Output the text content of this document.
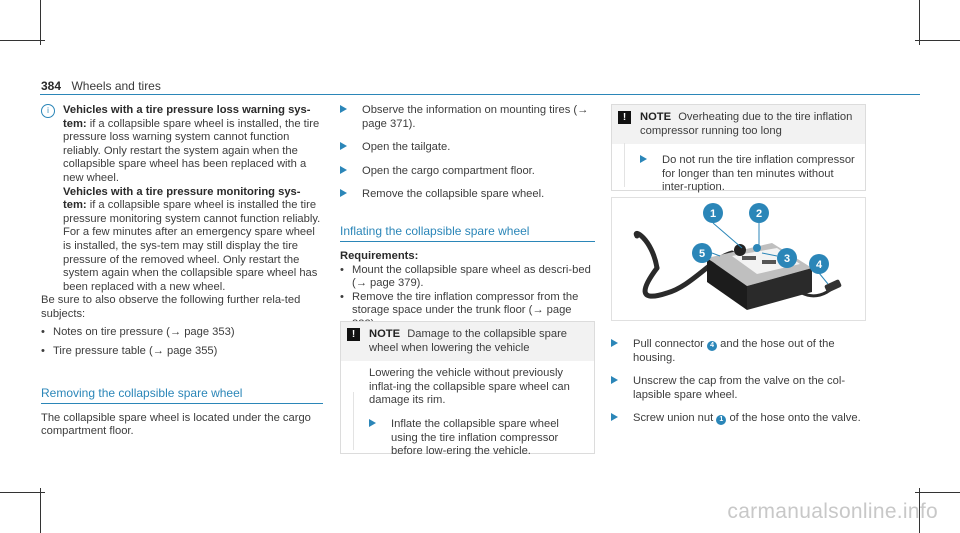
384 Wheels and tires
i	Vehicles with a tire pressure loss warning sys-tem: if a collapsible spare wheel is installed, the tire pressure loss warning system cannot function reliably. Only restart the system again when the collapsible spare wheel has been replaced with a new wheel.
Vehicles with a tire pressure monitoring sys-tem: if a collapsible spare wheel is installed the tire pressure monitoring system cannot function reliably. For a few minutes after an emergency spare wheel is installed, the sys-tem may still display the tire pressure of the removed wheel. Only restart the system again when the collapsible spare wheel has been replaced with a new wheel.
Be sure to also observe the following further rela-ted subjects:
• Notes on tire pressure (→ page 353)
• Tire pressure table (→ page 355)
Removing the collapsible spare wheel
The collapsible spare wheel is located under the cargo compartment floor.
Observe the information on mounting tires (→ page 371).
Open the tailgate.
Open the cargo compartment floor.
Remove the collapsible spare wheel.
Inflating the collapsible spare wheel
Requirements:
• Mount the collapsible spare wheel as descri-bed (→ page 379).
• Remove the tire inflation compressor from the storage space under the trunk floor (→ page
!	NOTE Damage to the collapsible spare wheel when lowering the vehicle
Lowering the vehicle without previously inflat-ing the collapsible spare wheel can damage its rim.
Inflate the collapsible spare wheel using the tire inflation compressor before low-ering the vehicle.
!	NOTE Overheating due to the tire inflation compressor running too long
Do not run the tire inflation compressor for longer than ten minutes without inter-ruption.
1	2
3 4
5
Pull connector 4 and the hose out of the housing.
Unscrew the cap from the valve on the col-lapsible spare wheel.
Screw union nut 1 of the hose onto the valve.
carmanualsonline.info
